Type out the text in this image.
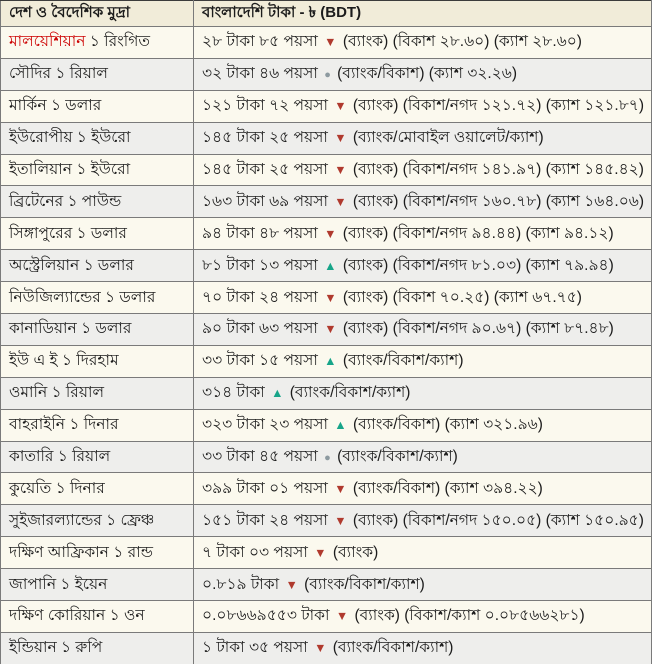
দেশ ও বৈদেশিক মুদ্রা	বাংলাদেশি টাকা - ৳ (BDT)
মালয়েশিয়ান ১ রিংগিত	২৮ টাকা ৮৫ পয়সা ▼ (ব্যাংক) (বিকাশ ২৮.৬০) (ক্যাশ ২৮.৬০)
সৌদির ১ রিয়াল	৩২ টাকা ৪৬ পয়সা ● (ব্যাংক/বিকাশ) (ক্যাশ ৩২.২৬)
মার্কিন ১ ডলার	১২১ টাকা ৭২ পয়সা ▼ (ব্যাংক) (বিকাশ/নগদ ১২১.৭২) (ক্যাশ ১২১.৮৭)
ইউরোপীয় ১ ইউরো	১৪৫ টাকা ২৫ পয়সা ▼ (ব্যাংক/মোবাইল ওয়ালেট/ক্যাশ)
ইতালিয়ান ১ ইউরো	১৪৫ টাকা ২৫ পয়সা ▼ (ব্যাংক) (বিকাশ/নগদ ১৪১.৯৭) (ক্যাশ ১৪৫.৪২)
ব্রিটেনের ১ পাউন্ড	১৬৩ টাকা ৬৯ পয়সা ▼ (ব্যাংক) (বিকাশ/নগদ ১৬০.৭৮) (ক্যাশ ১৬৪.০৬)
সিঙ্গাপুরের ১ ডলার	৯৪ টাকা ৪৮ পয়সা ▼ (ব্যাংক) (বিকাশ/নগদ ৯৪.৪৪) (ক্যাশ ৯৪.১২)
অস্ট্রেলিয়ান ১ ডলার	৮১ টাকা ১৩ পয়সা ▲ (ব্যাংক) (বিকাশ/নগদ ৮১.০৩) (ক্যাশ ৭৯.৯৪)
নিউজিল্যান্ডের ১ ডলার	৭০ টাকা ২৪ পয়সা ▼ (ব্যাংক) (বিকাশ ৭০.২৫) (ক্যাশ ৬৭.৭৫)
কানাডিয়ান ১ ডলার	৯০ টাকা ৬৩ পয়সা ▼ (ব্যাংক) (বিকাশ/নগদ ৯০.৬৭) (ক্যাশ ৮৭.৪৮)
ইউ এ ই ১ দিরহাম	৩৩ টাকা ১৫ পয়সা ▲ (ব্যাংক/বিকাশ/ক্যাশ)
ওমানি ১ রিয়াল	৩১৪ টাকা ▲ (ব্যাংক/বিকাশ/ক্যাশ)
বাহরাইনি ১ দিনার	৩২৩ টাকা ২৩ পয়সা ▲ (ব্যাংক/বিকাশ) (ক্যাশ ৩২১.৯৬)
কাতারি ১ রিয়াল	৩৩ টাকা ৪৫ পয়সা ● (ব্যাংক/বিকাশ/ক্যাশ)
কুয়েতি ১ দিনার	৩৯৯ টাকা ০১ পয়সা ▼ (ব্যাংক/বিকাশ) (ক্যাশ ৩৯৪.২২)
সুইজারল্যান্ডের ১ ফ্রেঞ্চ	১৫১ টাকা ২৪ পয়সা ▼ (ব্যাংক) (বিকাশ/নগদ ১৫০.০৫) (ক্যাশ ১৫০.৯৫)
দক্ষিণ আফ্রিকান ১ রান্ড	৭ টাকা ০৩ পয়সা ▼ (ব্যাংক)
জাপানি ১ ইয়েন	০.৮১৯ টাকা ▼ (ব্যাংক/বিকাশ/ক্যাশ)
দক্ষিণ কোরিয়ান ১ ওন	০.০৮৬৬৯৫৫৩ টাকা ▼ (ব্যাংক) (বিকাশ/ক্যাশ ০.০৮৫৬৬২৮১)
ইন্ডিয়ান ১ রুপি	১ টাকা ৩৫ পয়সা ▼ (ব্যাংক/বিকাশ/ক্যাশ)
